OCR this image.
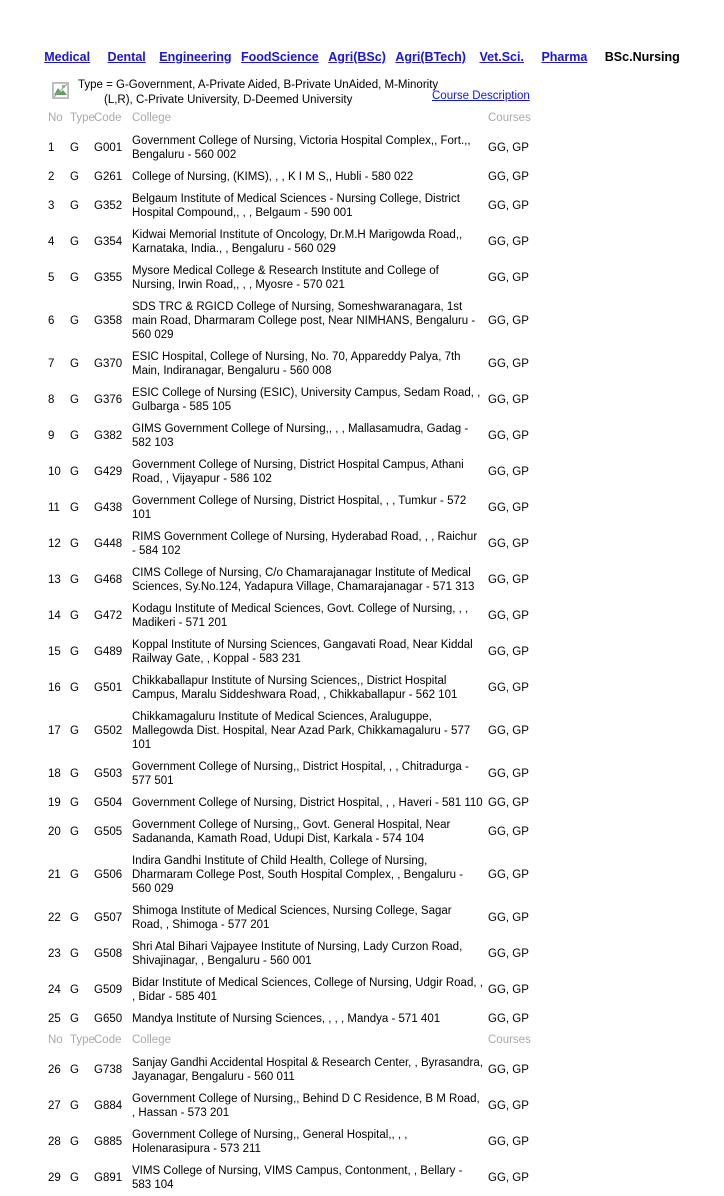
Medical Dental Engineering FoodScience Agri(BSc) Agri(BTech) Vet.Sci. Pharma BSc.Nursing
Type = G-Government, A-Private Aided, B-Private UnAided, M-Minority
(L,R), C-Private University, D-Deemed University	Course Description
	No	Type	Code	College	Courses
	1	G	G001	Government College of Nursing, Victoria Hospital Complex,, Fort.,, Bengaluru - 560 002	GG, GP
	2	G	G261	College of Nursing, (KIMS), , , K I M S,, Hubli - 580 022	GG, GP
	3	G	G352	Belgaum Institute of Medical Sciences - Nursing College, District Hospital Compound,, , , Belgaum - 590 001	GG, GP
	4	G	G354	Kidwai Memorial Institute of Oncology, Dr.M.H Marigowda Road,, Karnataka, India., , Bengaluru - 560 029	GG, GP
	5	G	G355	Mysore Medical College & Research Institute and College of Nursing, Irwin Road,, , , Myosre - 570 021	GG, GP
	6	G	G358	SDS TRC & RGICD College of Nursing, Someshwaranagara, 1st main Road, Dharmaram College post, Near NIMHANS, Bengaluru - 560 029	GG, GP
	7	G	G370	ESIC Hospital, College of Nursing, No. 70, Appareddy Palya, 7th Main, Indiranagar, Bengaluru - 560 008	GG, GP
	8	G	G376	ESIC College of Nursing (ESIC), University Campus, Sedam Road, , Gulbarga - 585 105	GG, GP
	9	G	G382	GIMS Government College of Nursing,, , , Mallasamudra, Gadag - 582 103	GG, GP
	10	G	G429	Government College of Nursing, District Hospital Campus, Athani Road, , Vijayapur - 586 102	GG, GP
	11	G	G438	Government College of Nursing, District Hospital, , , Tumkur - 572 101	GG, GP
	12	G	G448	RIMS Government College of Nursing, Hyderabad Road, , , Raichur - 584 102	GG, GP
	13	G	G468	CIMS College of Nursing, C/o Chamarajanagar Institute of Medical Sciences, Sy.No.124, Yadapura Village, Chamarajanagar - 571 313	GG, GP
	14	G	G472	Kodagu Institute of Medical Sciences, Govt. College of Nursing, , , Madikeri - 571 201	GG, GP
	15	G	G489	Koppal Institute of Nursing Sciences, Gangavati Road, Near Kiddal Railway Gate, , Koppal - 583 231	GG, GP
	16	G	G501	Chikkaballapur Institute of Nursing Sciences,, District Hospital Campus, Maralu Siddeshwara Road, , Chikkaballapur - 562 101	GG, GP
	17	G	G502	Chikkamagaluru Institute of Medical Sciences, Araluguppe, Mallegowda Dist. Hospital, Near Azad Park, Chikkamagaluru - 577 101	GG, GP
	18	G	G503	Government College of Nursing,, District Hospital, , , Chitradurga - 577 501	GG, GP
	19	G	G504	Government College of Nursing, District Hospital, , , Haveri - 581 110	GG, GP
	20	G	G505	Government College of Nursing,, Govt. General Hospital, Near Sadananda, Kamath Road, Udupi Dist, Karkala - 574 104	GG, GP
	21	G	G506	Indira Gandhi Institute of Child Health, College of Nursing, Dharmaram College Post, South Hospital Complex, , Bengaluru - 560 029	GG, GP
	22	G	G507	Shimoga Institute of Medical Sciences, Nursing College, Sagar Road, , Shimoga - 577 201	GG, GP
	23	G	G508	Shri Atal Bihari Vajpayee Institute of Nursing, Lady Curzon Road, Shivajinagar, , Bengaluru - 560 001	GG, GP
	24	G	G509	Bidar Institute of Medical Sciences, College of Nursing, Udgir Road, , , Bidar - 585 401	GG, GP
	25	G	G650	Mandya Institute of Nursing Sciences, , , , Mandya - 571 401	GG, GP
	No	Type	Code	College	Courses
	26	G	G738	Sanjay Gandhi Accidental Hospital & Research Center, , Byrasandra, Jayanagar, Bengaluru - 560 011	GG, GP
	27	G	G884	Government College of Nursing,, Behind D C Residence, B M Road, , Hassan - 573 201	GG, GP
	28	G	G885	Government College of Nursing,, General Hospital,, , , Holenarasipura - 573 211	GG, GP
	29	G	G891	VIMS College of Nursing, VIMS Campus, Contonment, , Bellary - 583 104	GG, GP
